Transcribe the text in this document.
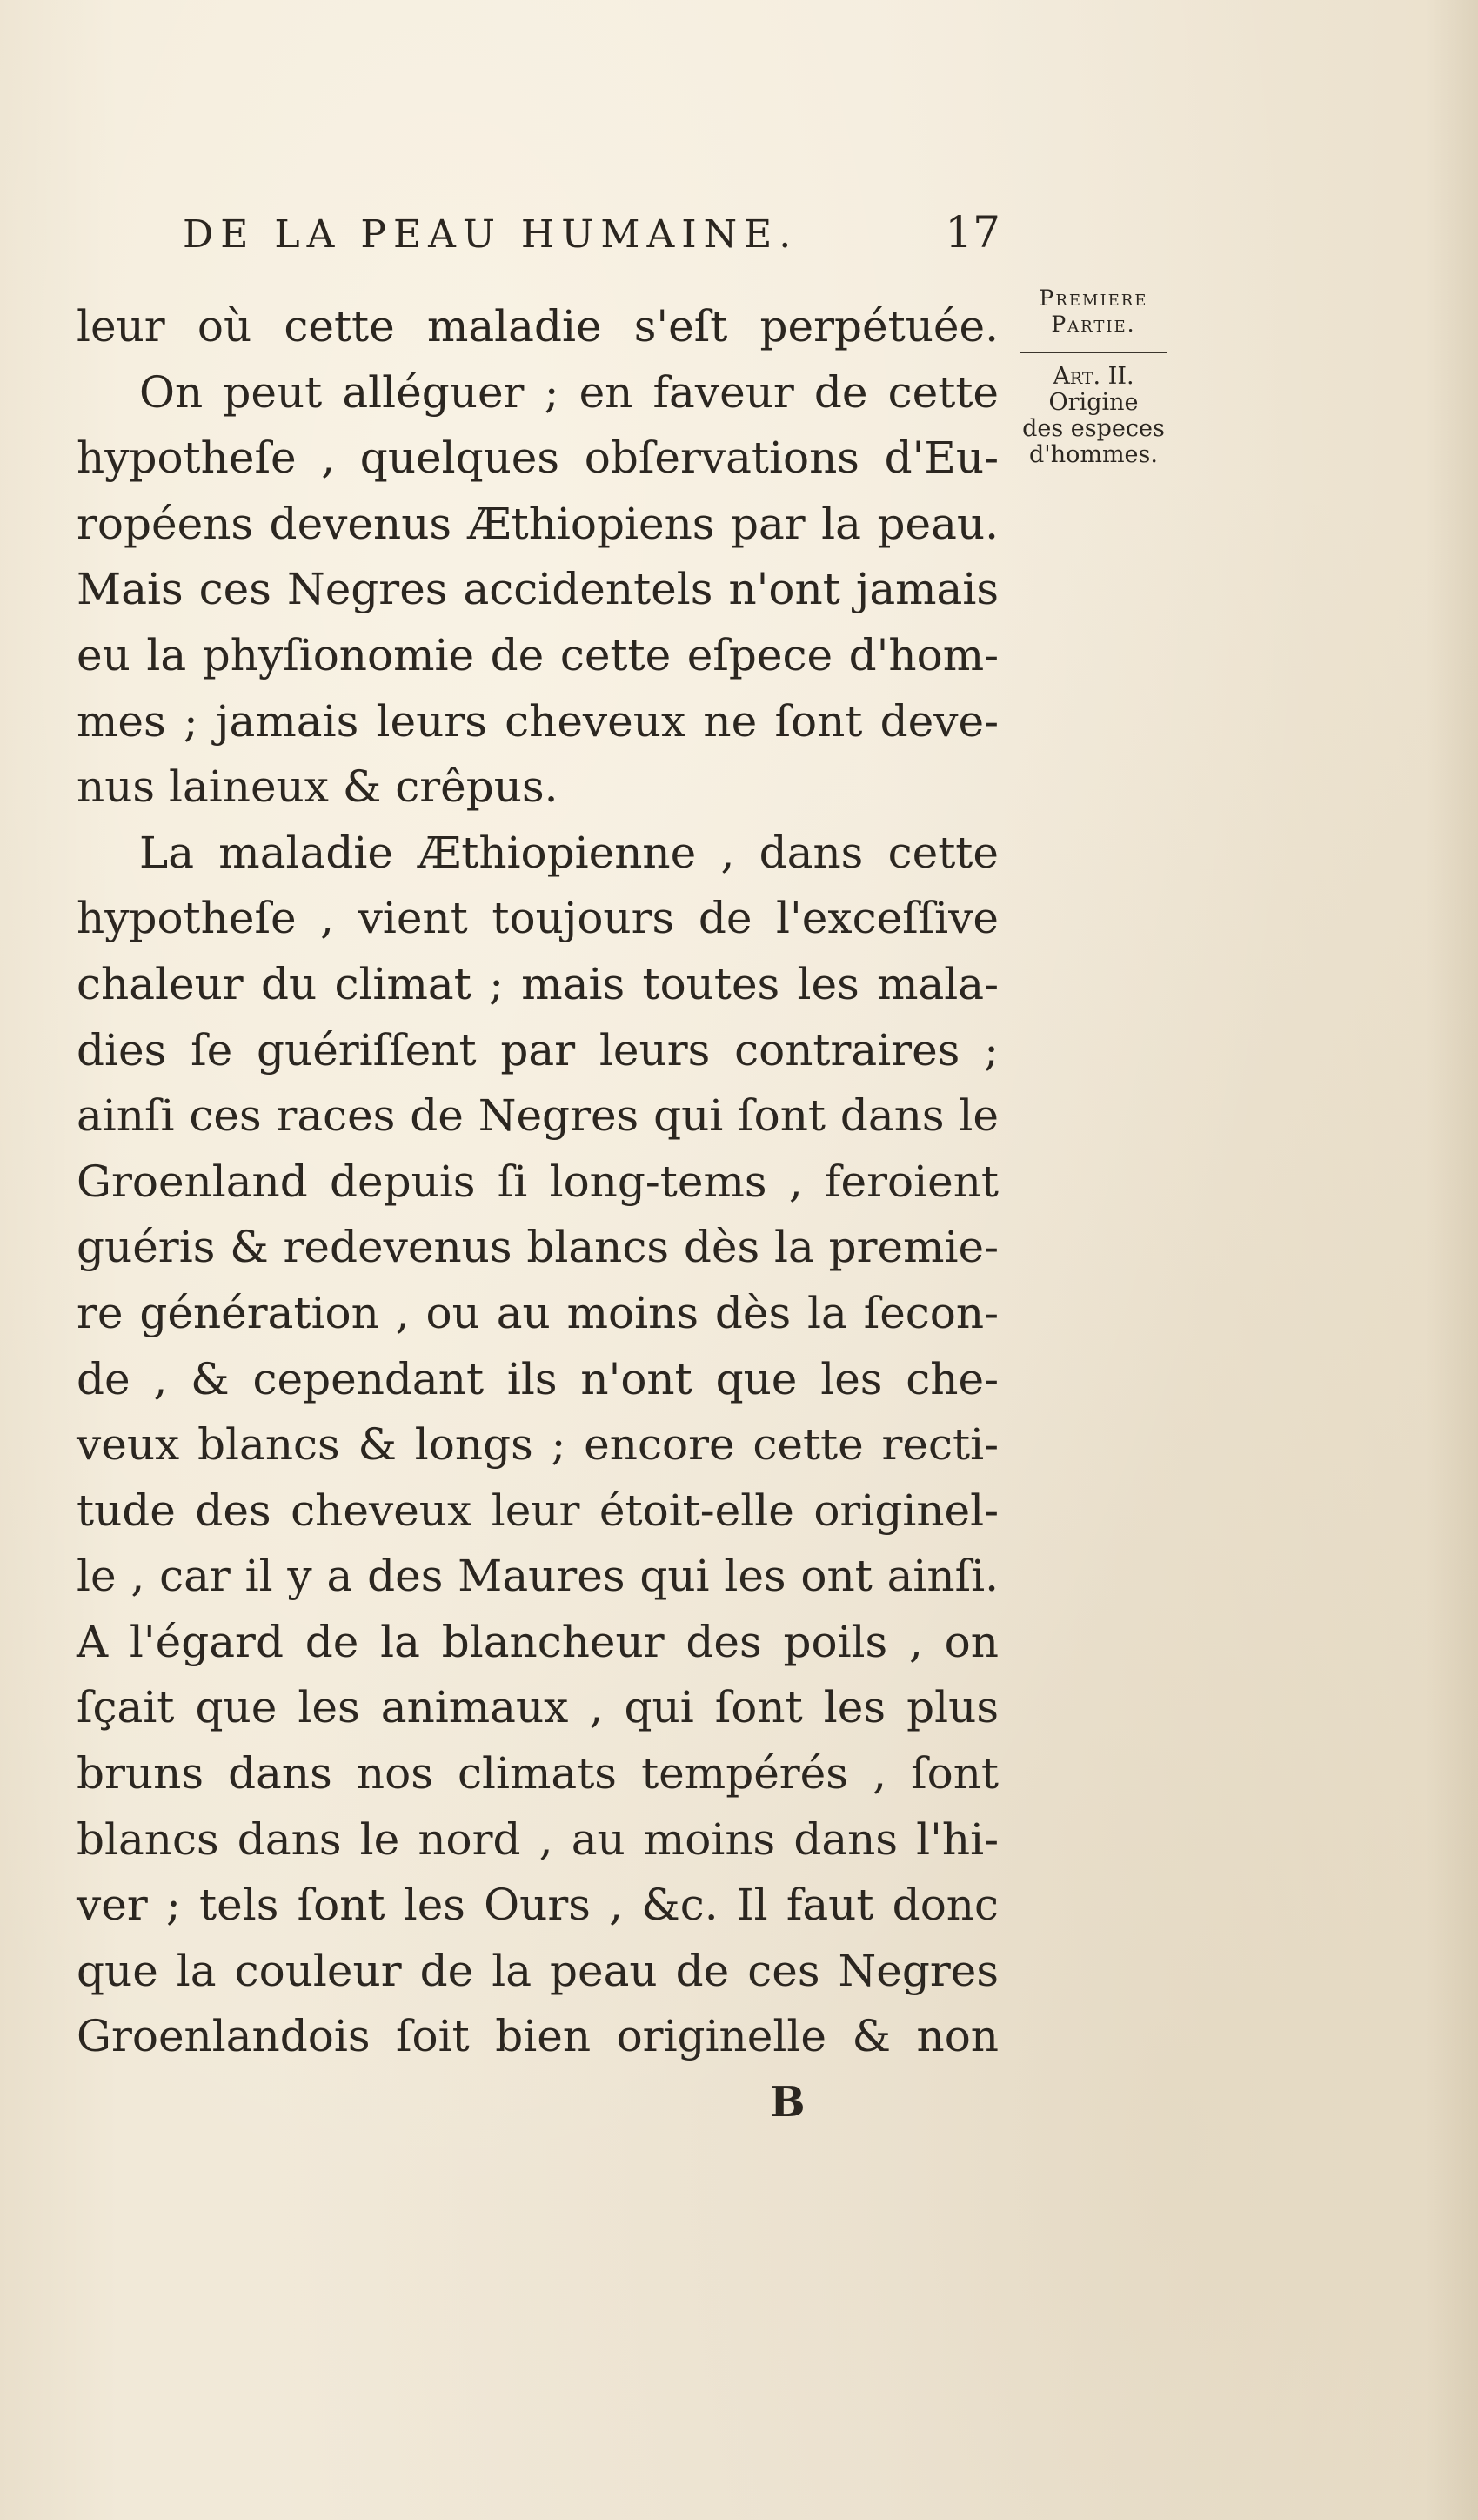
DE LA PEAU HUMAINE.	17
Premiere
Partie.
Art. II.
Origine
des especes
d'hommes.
leur où cette maladie s'eſt perpétuée.
On peut alléguer ; en faveur de cette
hypotheſe , quelques obſervations d'Eu-
ropéens devenus Æthiopiens par la peau.
Mais ces Negres accidentels n'ont jamais
eu la phyſionomie de cette eſpece d'hom-
mes ; jamais leurs cheveux ne ſont deve-
nus laineux & crêpus.
La maladie Æthiopienne , dans cette
hypotheſe , vient toujours de l'exceſſive
chaleur du climat ; mais toutes les mala-
dies ſe guériſſent par leurs contraires ;
ainſi ces races de Negres qui ſont dans le
Groenland depuis ſi long-tems , feroient
guéris & redevenus blancs dès la premie-
re génération , ou au moins dès la ſecon-
de , & cependant ils n'ont que les che-
veux blancs & longs ; encore cette recti-
tude des cheveux leur étoit-elle originel-
le , car il y a des Maures qui les ont ainſi.
A l'égard de la blancheur des poils , on
ſçait que les animaux , qui ſont les plus
bruns dans nos climats tempérés , ſont
blancs dans le nord , au moins dans l'hi-
ver ; tels ſont les Ours , &c. Il faut donc
que la couleur de la peau de ces Negres
Groenlandois ſoit bien originelle & non
B
